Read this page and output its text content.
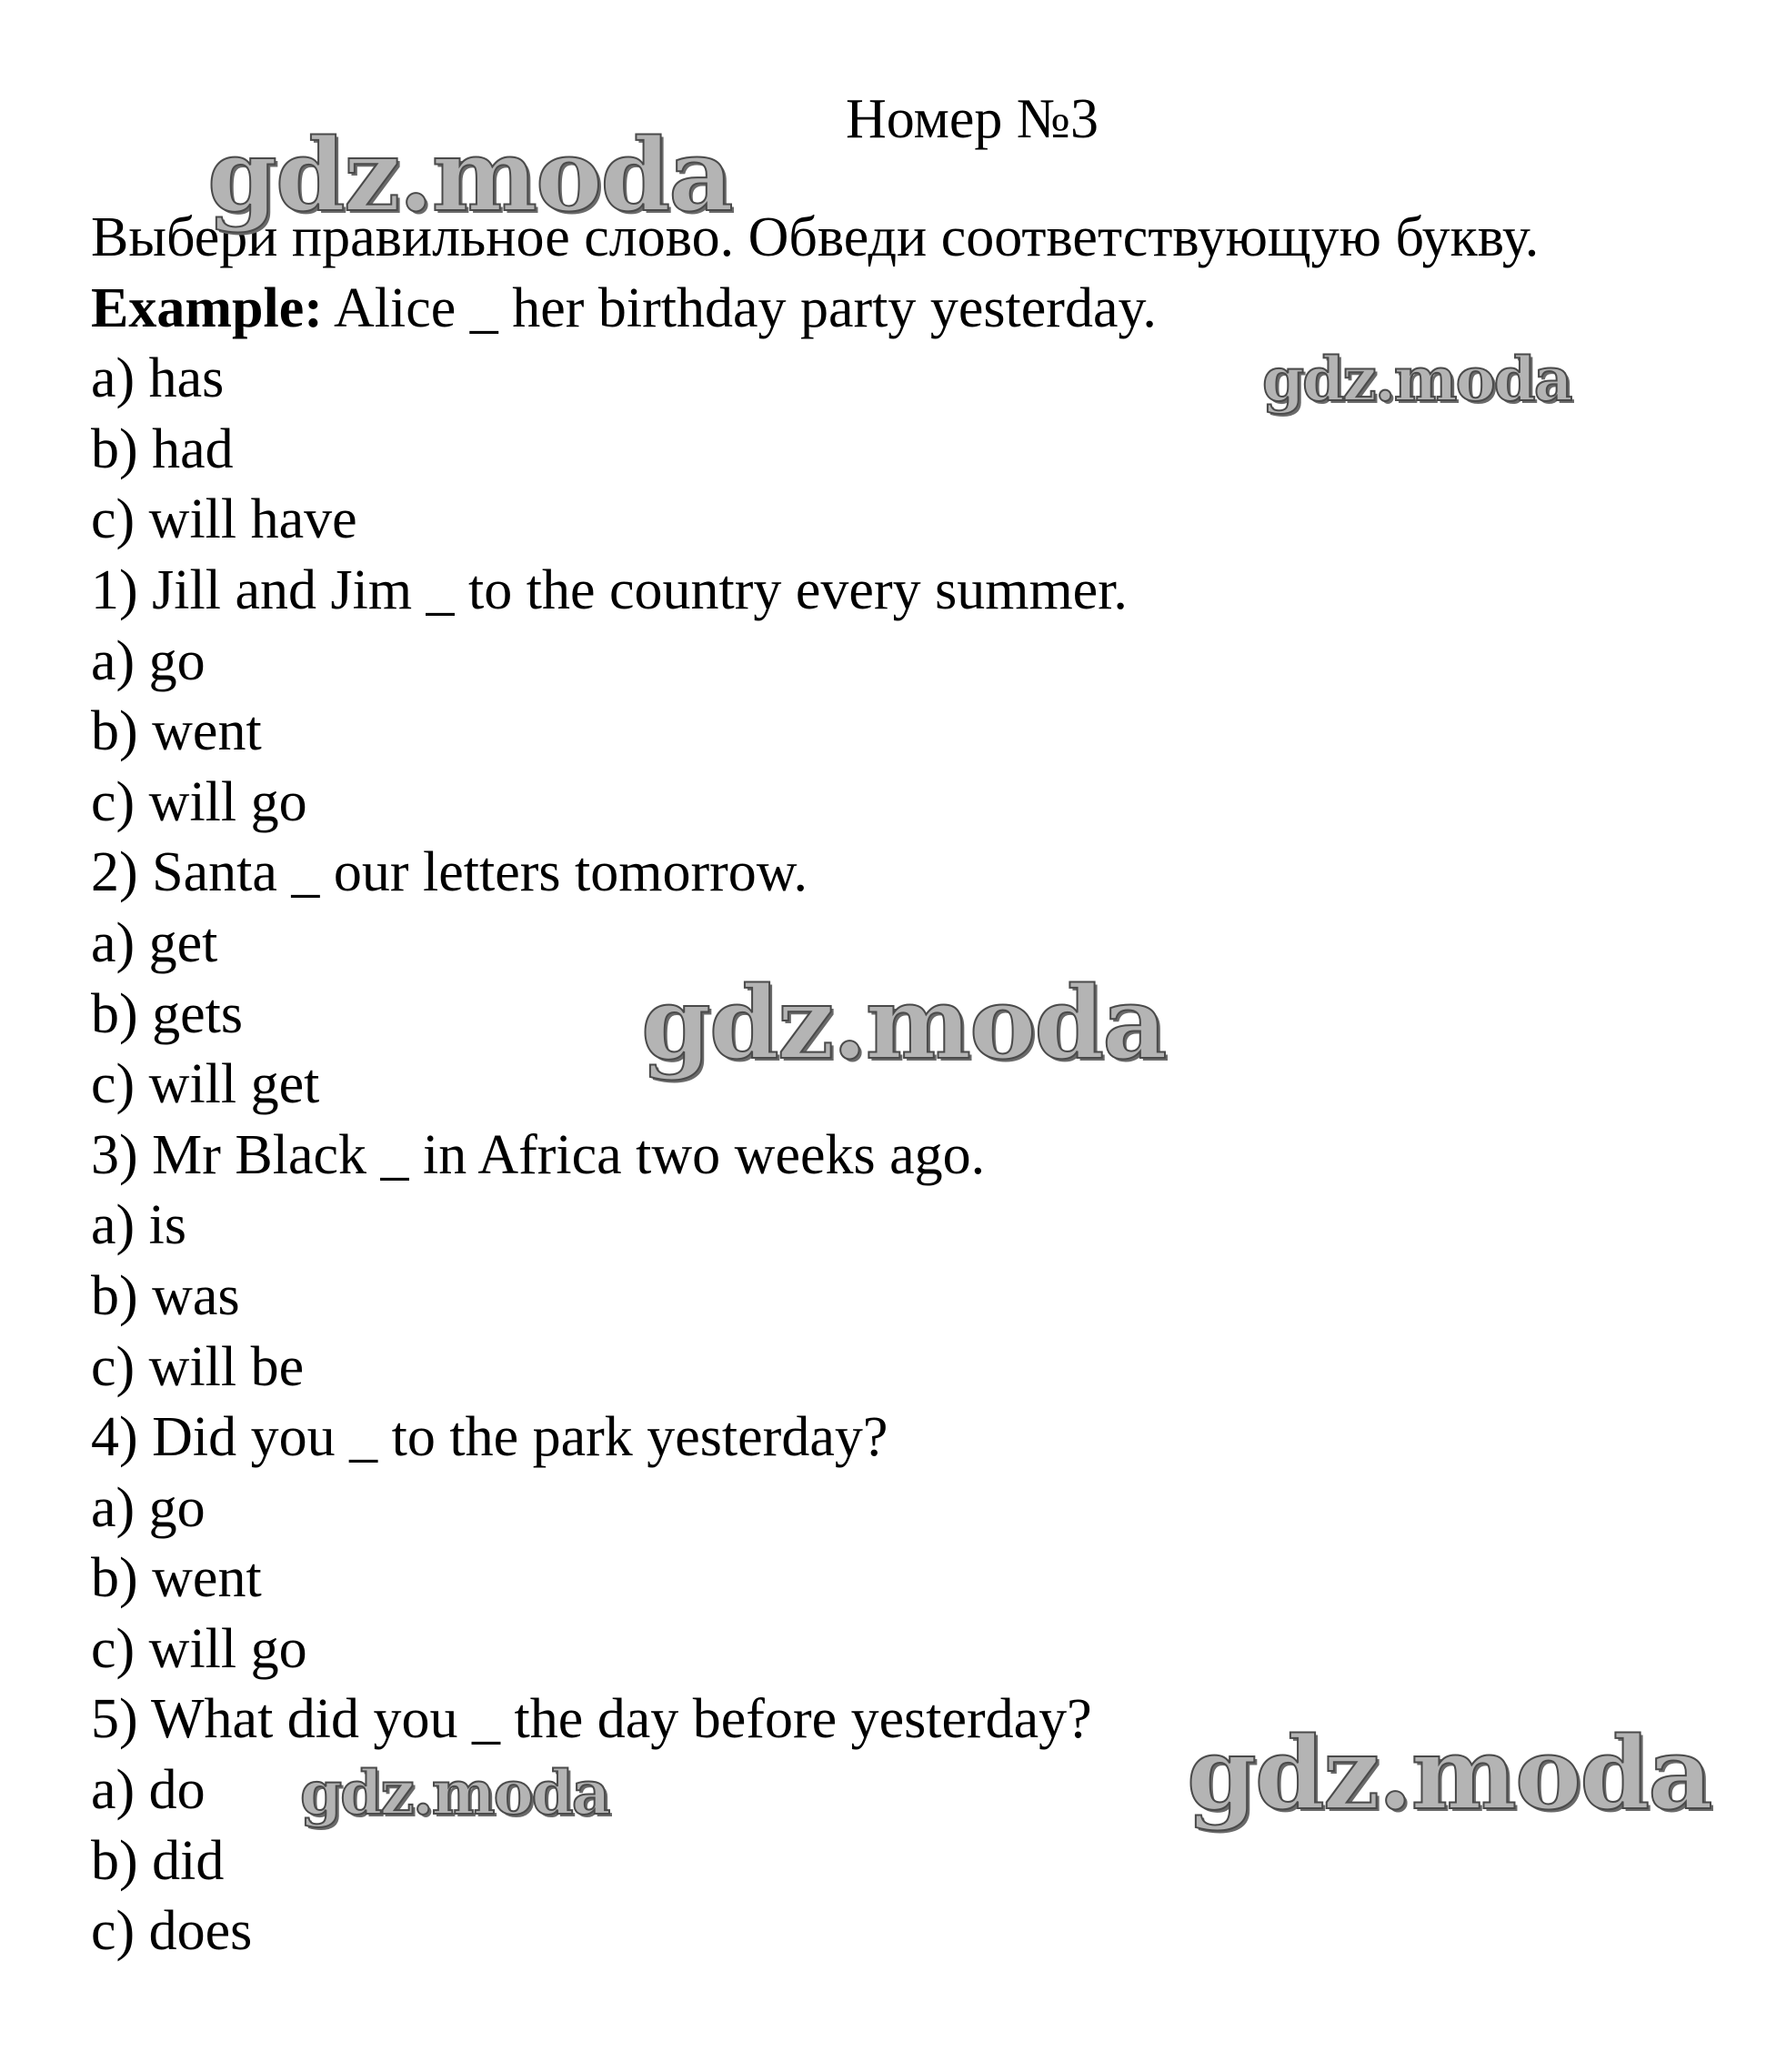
Номер №3
Выбери правильное слово. Обведи соответствующую букву.
Example: Alice _ her birthday party yesterday.
a) has
b) had
c) will have
1) Jill and Jim _ to the country every summer.
a) go
b) went
c) will go
2) Santa _ our letters tomorrow.
a) get
b) gets
c) will get
3) Mr Black _ in Africa two weeks ago.
a) is
b) was
c) will be
4) Did you _ to the park yesterday?
a) go
b) went
c) will go
5) What did you _ the day before yesterday?
a) do
b) did
c) does
gdz.moda
gdz.moda
gdz.moda
gdz.moda	gdz.moda
